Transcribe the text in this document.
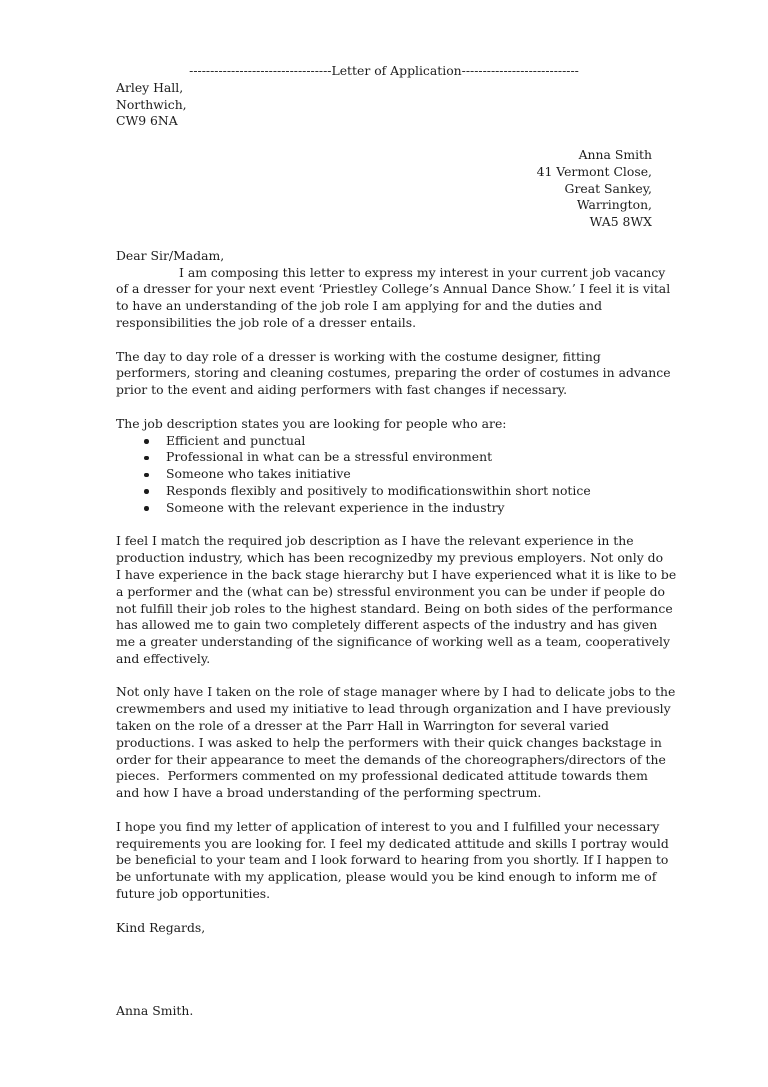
----------------------------------Letter of Application----------------------------
Arley Hall,
Northwich,
CW9 6NA
Anna Smith
41 Vermont Close,
Great Sankey,
Warrington,
WA5 8WX
Dear Sir/Madam,
I am composing this letter to express my interest in your current job vacancy
of a dresser for your next event ‘Priestley College’s Annual Dance Show.’ I feel it is vital
to have an understanding of the job role I am applying for and the duties and
responsibilities the job role of a dresser entails.
The day to day role of a dresser is working with the costume designer, fitting
performers, storing and cleaning costumes, preparing the order of costumes in advance
prior to the event and aiding performers with fast changes if necessary.
The job description states you are looking for people who are:
Efficient and punctual
Professional in what can be a stressful environment
Someone who takes initiative
Responds flexibly and positively to modificationswithin short notice
Someone with the relevant experience in the industry
I feel I match the required job description as I have the relevant experience in the
production industry, which has been recognizedby my previous employers. Not only do
I have experience in the back stage hierarchy but I have experienced what it is like to be
a performer and the (what can be) stressful environment you can be under if people do
not fulfill their job roles to the highest standard. Being on both sides of the performance
has allowed me to gain two completely different aspects of the industry and has given
me a greater understanding of the significance of working well as a team, cooperatively
and effectively.
Not only have I taken on the role of stage manager where by I had to delicate jobs to the
crewmembers and used my initiative to lead through organization and I have previously
taken on the role of a dresser at the Parr Hall in Warrington for several varied
productions. I was asked to help the performers with their quick changes backstage in
order for their appearance to meet the demands of the choreographers/directors of the
pieces.  Performers commented on my professional dedicated attitude towards them
and how I have a broad understanding of the performing spectrum.
I hope you find my letter of application of interest to you and I fulfilled your necessary
requirements you are looking for. I feel my dedicated attitude and skills I portray would
be beneficial to your team and I look forward to hearing from you shortly. If I happen to
be unfortunate with my application, please would you be kind enough to inform me of
future job opportunities.
Kind Regards,
Anna Smith.
